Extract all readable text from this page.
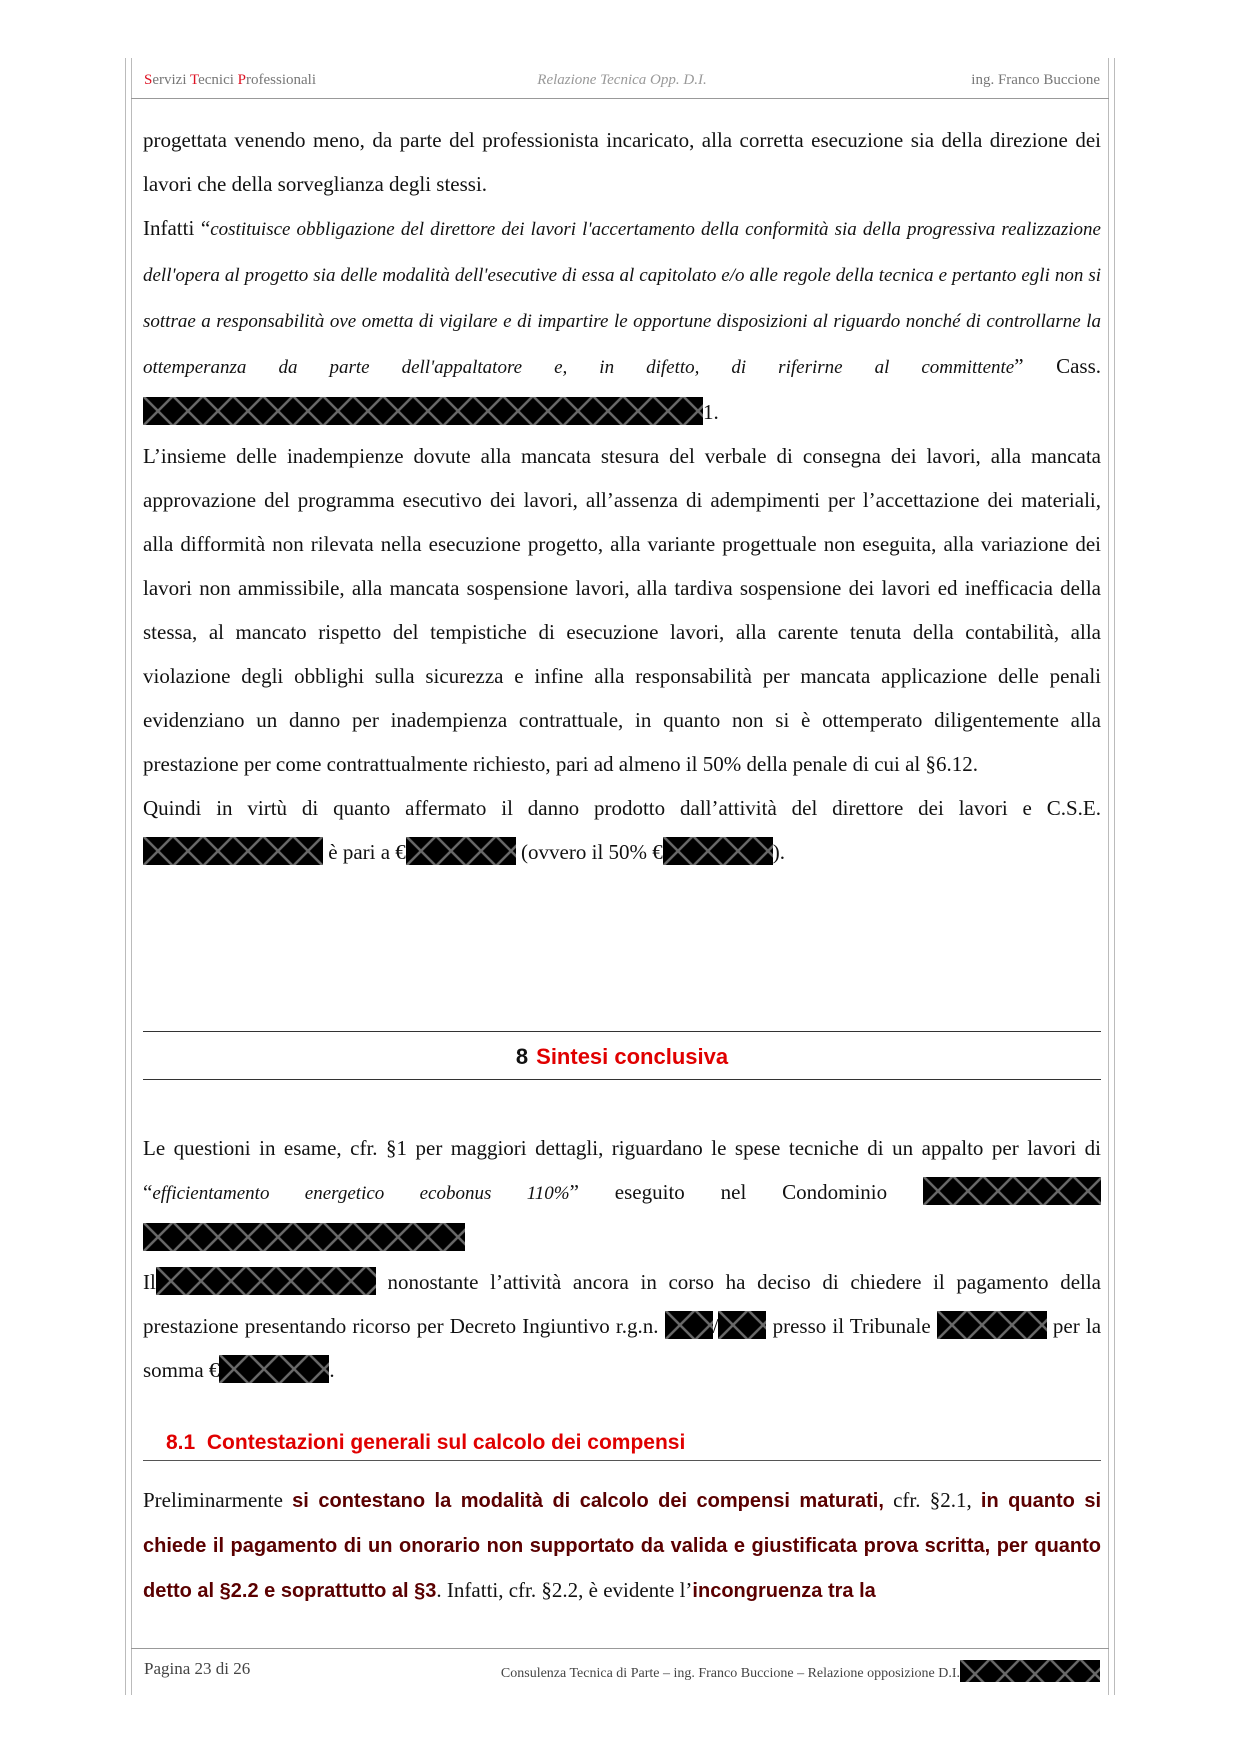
Servizi Tecnici Professionali	Relazione Tecnica Opp. D.I.	ing. Franco Buccione

progettata venendo meno, da parte del professionista incaricato, alla corretta esecuzione sia della direzione dei lavori che della sorveglianza degli stessi.

Infatti “costituisce obbligazione del direttore dei lavori l'accertamento della conformità sia della progressiva realizzazione dell'opera al progetto sia delle modalità dell'esecutive di essa al capitolato e/o alle regole della tecnica e pertanto egli non si sottrae a responsabilità ove ometta di vigilare e di impartire le opportune disposizioni al riguardo nonché di controllarne la ottemperanza da parte dell'appaltatore e, in difetto, di riferirne al committente” Cass. 1.

L’insieme delle inadempienze dovute alla mancata stesura del verbale di consegna dei lavori, alla mancata approvazione del programma esecutivo dei lavori, all’assenza di adempimenti per l’accettazione dei materiali, alla difformità non rilevata nella esecuzione progetto, alla variante progettuale non eseguita, alla variazione dei lavori non ammissibile, alla mancata sospensione lavori, alla tardiva sospensione dei lavori ed inefficacia della stessa, al mancato rispetto del tempistiche di esecuzione lavori, alla carente tenuta della contabilità, alla violazione degli obblighi sulla sicurezza e infine alla responsabilità per mancata applicazione delle penali evidenziano un danno per inadempienza contrattuale, in quanto non si è ottemperato diligentemente alla prestazione per come contrattualmente richiesto, pari ad almeno il 50% della penale di cui al §6.12.

Quindi in virtù di quanto affermato il danno prodotto dall’attività del direttore dei lavori e C.S.E.  è pari a €	(ovvero il 50% €	).

8 Sintesi conclusiva

Le questioni in esame, cfr. §1 per maggiori dettagli, riguardano le spese tecniche di un appalto per lavori di “efficientamento energetico ecobonus 110%” eseguito nel Condominio

Il	nonostante l’attività ancora in corso ha deciso di chiedere il pagamento della prestazione presentando ricorso per Decreto Ingiuntivo r.g.n.	/	presso il Tribunale	per la somma €	.

8.1 Contestazioni generali sul calcolo dei compensi

Preliminarmente si contestano la modalità di calcolo dei compensi maturati, cfr. §2.1, in quanto si chiede il pagamento di un onorario non supportato da valida e giustificata prova scritta, per quanto detto al §2.2 e soprattutto al §3. Infatti, cfr. §2.2, è evidente l’incongruenza tra la

Pagina 23 di 26	Consulenza Tecnica di Parte – ing. Franco Buccione – Relazione opposizione D.I.
